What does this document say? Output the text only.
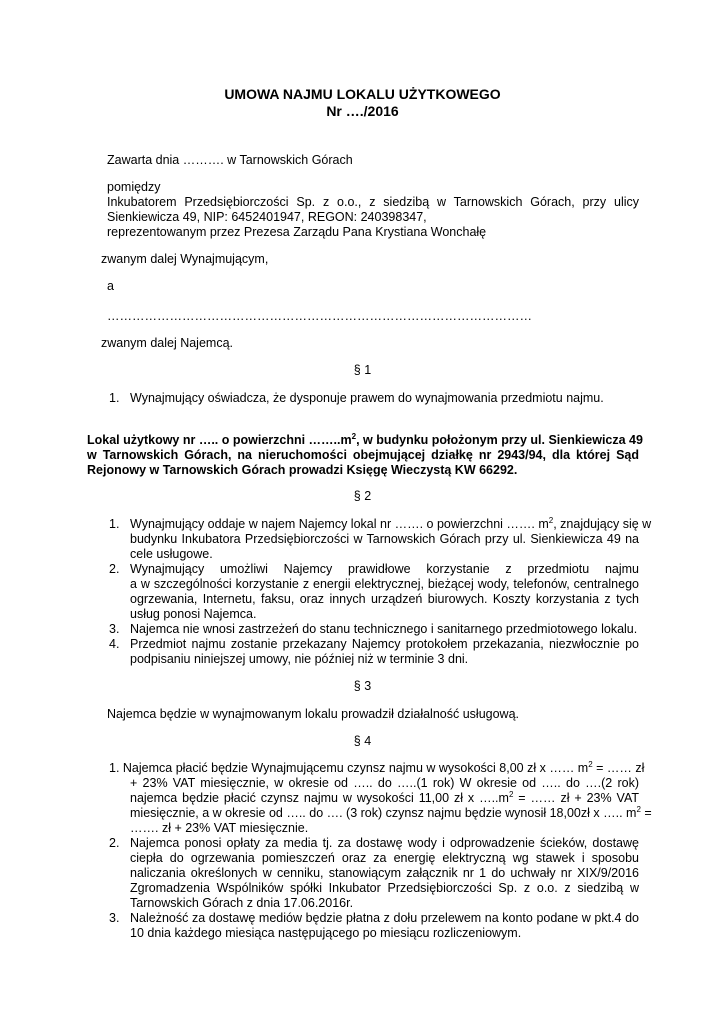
UMOWA NAJMU LOKALU UŻYTKOWEGO
Nr …./2016
Zawarta dnia ………. w Tarnowskich Górach
pomiędzy
Inkubatorem Przedsiębiorczości Sp. z o.o., z siedzibą w Tarnowskich Górach, przy ulicy
Sienkiewicza 49, NIP: 6452401947, REGON: 240398347,
reprezentowanym przez Prezesa Zarządu Pana Krystiana Wonchałę
zwanym dalej Wynajmującym,
a
…………………………………………………………………………………………
zwanym dalej Najemcą.
§ 1
1. Wynajmujący oświadcza, że dysponuje prawem do wynajmowania przedmiotu najmu.
Lokal użytkowy nr ….. o powierzchni $\dots\dots..m^2$, w budynku położonym przy ul. Sienkiewicza 49
w Tarnowskich Górach, na nieruchomości obejmującej działkę nr 2943/94, dla której Sąd
Rejonowy w Tarnowskich Górach prowadzi Księgę Wieczystą KW 66292.
§ 2
1. Wynajmujący oddaje w najem Najemcy lokal nr ……. o powierzchni ……. $m^2$, znajdujący się w
budynku Inkubatora Przedsiębiorczości w Tarnowskich Górach przy ul. Sienkiewicza 49 na
cele usługowe.
2. Wynajmujący umożliwi Najemcy prawidłowe korzystanie z przedmiotu najmu
a w szczególności korzystanie z energii elektrycznej, bieżącej wody, telefonów, centralnego
ogrzewania, Internetu, faksu, oraz innych urządzeń biurowych. Koszty korzystania z tych
usług ponosi Najemca.
3. Najemca nie wnosi zastrzeżeń do stanu technicznego i sanitarnego przedmiotowego lokalu.
4. Przedmiot najmu zostanie przekazany Najemcy protokołem przekazania, niezwłocznie po
podpisaniu niniejszej umowy, nie później niż w terminie 3 dni.
§ 3
Najemca będzie w wynajmowanym lokalu prowadził działalność usługową.
§ 4
1. Najemca płacić będzie Wynajmującemu czynsz najmu w wysokości 8,00 zł x …… $m^2$ = …… zł
+ 23% VAT miesięcznie, w okresie od ….. do …..(1 rok) W okresie od ….. do ….(2 rok)
najemca będzie płacić czynsz najmu w wysokości 11,00 zł x $\dots..m^2$ = …… zł + 23% VAT
miesięcznie, a w okresie od ….. do …. (3 rok) czynsz najmu będzie wynosił 18,00zł x ….. $m^2$ =
……. zł + 23% VAT miesięcznie.
2. Najemca ponosi opłaty za media tj. za dostawę wody i odprowadzenie ścieków, dostawę
ciepła do ogrzewania pomieszczeń oraz za energię elektryczną wg stawek i sposobu
naliczania określonych w cenniku, stanowiącym załącznik nr 1 do uchwały nr XIX/9/2016
Zgromadzenia Wspólników spółki Inkubator Przedsiębiorczości Sp. z o.o. z siedzibą w
Tarnowskich Górach z dnia 17.06.2016r.
3. Należność za dostawę mediów będzie płatna z dołu przelewem na konto podane w pkt.4 do
10 dnia każdego miesiąca następującego po miesiącu rozliczeniowym.
